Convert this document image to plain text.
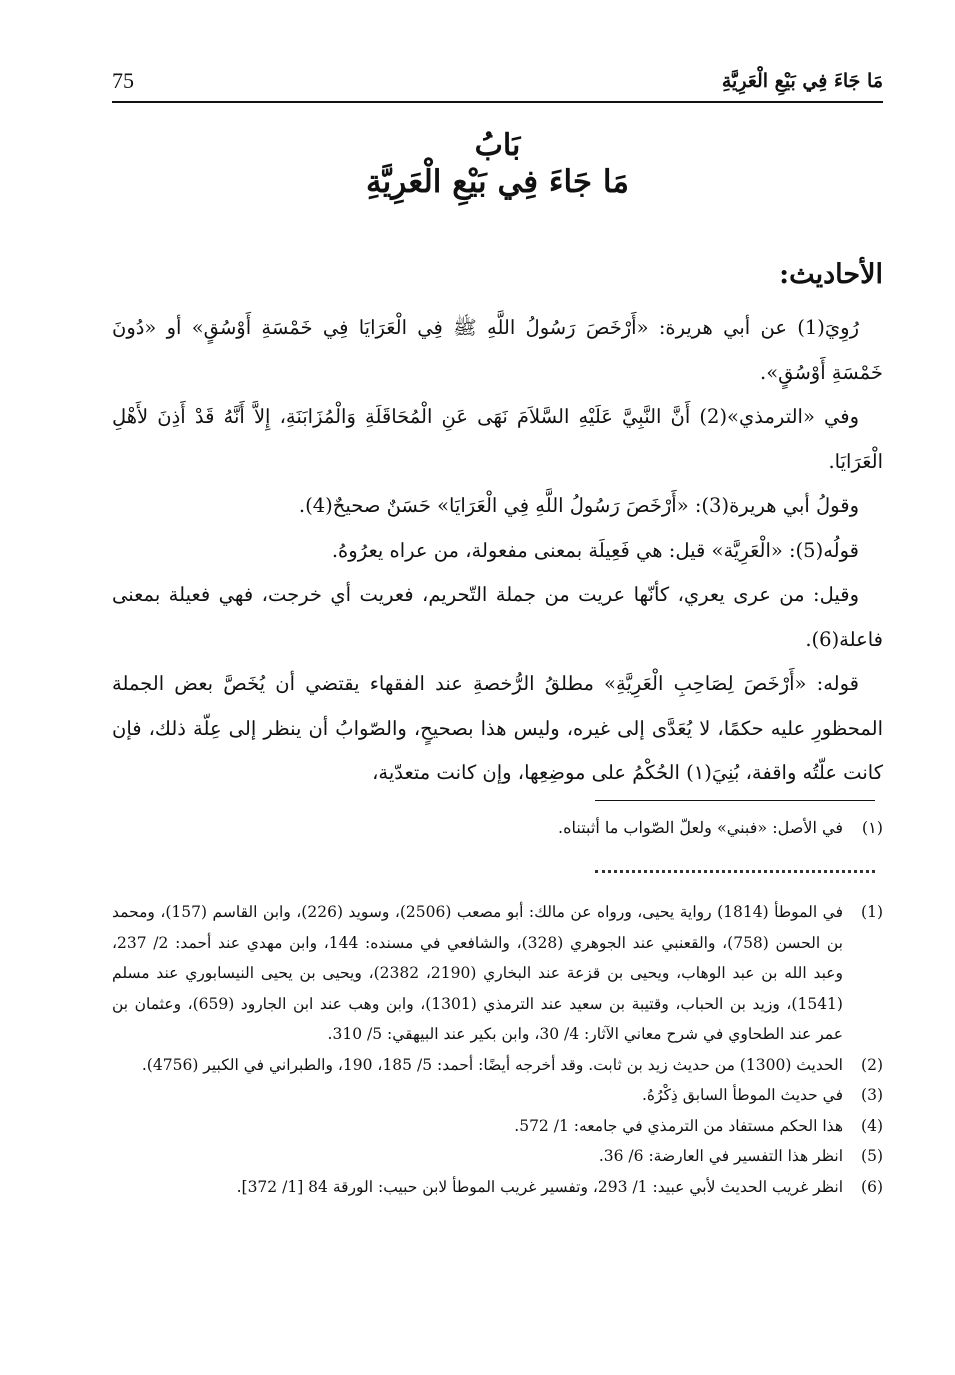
مَا جَاءَ فِي بَيْعِ الْعَرِيَّةِ
75
بَابُ
مَا جَاءَ فِي بَيْعِ الْعَرِيَّةِ
الأحاديث:

رُوِيَ(1) عن أبي هريرة: «أَرْخَصَ رَسُولُ اللَّهِ ﷺ فِي الْعَرَايَا فِي خَمْسَةِ أَوْسُقٍ» أو «دُونَ خَمْسَةِ أَوْسُقٍ».

وفي «الترمذي»(2) أَنَّ النَّبِيَّ عَلَيْهِ السَّلاَمَ نَهَى عَنِ الْمُحَاقَلَةِ وَالْمُزَابَنَةِ، إِلاَّ أَنَّهُ قَدْ أَذِنَ لأَهْلِ الْعَرَايَا.

وقولُ أبي هريرة(3): «أَرْخَصَ رَسُولُ اللَّهِ فِي الْعَرَايَا» حَسَنٌ صحيحٌ(4).

قولُه(5): «الْعَرِيَّة» قيل: هي فَعِيلَة بمعنى مفعولة، من عراه يعرُوهُ.

وقيل: من عرى يعري، كأنّها عريت من جملة التّحريم، فعريت أي خرجت، فهي فعيلة بمعنى فاعلة(6).

قوله: «أَرْخَصَ لِصَاحِبِ الْعَرِيَّةِ» مطلقُ الرُّخصةِ عند الفقهاء يقتضي أن يُخَصَّ بعض الجملة المحظورِ عليه حكمًا، لا يُعَدَّى إلى غيره، وليس هذا بصحيحٍ، والصّوابُ أن ينظر إلى عِلّة ذلك، فإن كانت علّتُه واقفة، بُنِيَ(١) الحُكْمُ على موضِعِها، وإن كانت متعدّية،

(١)
في الأصل: «فبني» ولعلّ الصّواب ما أثبتناه.
(1)
في الموطأ (1814) رواية يحيى، ورواه عن مالك: أبو مصعب (2506)، وسويد (226)، وابن القاسم (157)، ومحمد بن الحسن (758)، والقعنبي عند الجوهري (328)، والشافعي في مسنده: 144، وابن مهدي عند أحمد: 2/ 237، وعبد الله بن عبد الوهاب، ويحيى بن قزعة عند البخاري (2190، 2382)، ويحيى بن يحيى النيسابوري عند مسلم (1541)، وزيد بن الحباب، وقتيبة بن سعيد عند الترمذي (1301)، وابن وهب عند ابن الجارود (659)، وعثمان بن عمر عند الطحاوي في شرح معاني الآثار: 4/ 30، وابن بكير عند البيهقي: 5/ 310.
(2)
الحديث (1300) من حديث زيد بن ثابت. وقد أخرجه أيضًا: أحمد: 5/ 185، 190، والطبراني في الكبير (4756).
(3)
في حديث الموطأ السابق ذِكْرُهُ.
(4)
هذا الحكم مستفاد من الترمذي في جامعه: 1/ 572.
(5)
انظر هذا التفسير في العارضة: 6/ 36.
(6)
انظر غريب الحديث لأبي عبيد: 1/ 293، وتفسير غريب الموطأ لابن حبيب: الورقة 84 [1/ 372].
